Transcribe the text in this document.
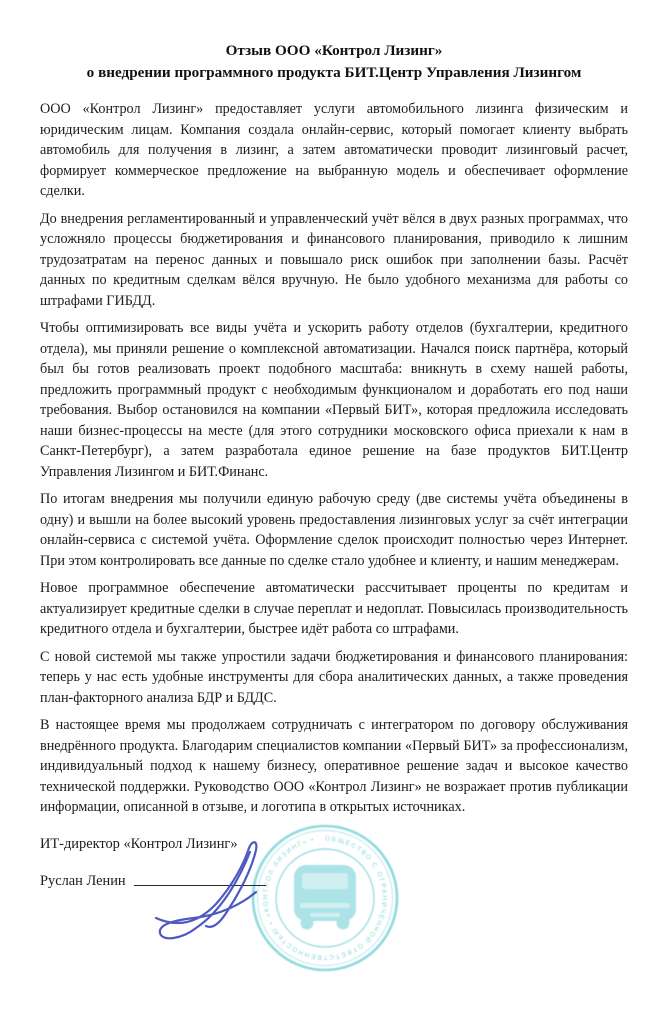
Отзыв ООО «Контрол Лизинг»
о внедрении программного продукта БИТ.Центр Управления Лизингом

ООО «Контрол Лизинг» предоставляет услуги автомобильного лизинга физическим и юридическим лицам. Компания создала онлайн-сервис, который помогает клиенту выбрать автомобиль для получения в лизинг, а затем автоматически проводит лизинговый расчет, формирует коммерческое предложение на выбранную модель и обеспечивает оформление сделки.

До внедрения регламентированный и управленческий учёт вёлся в двух разных программах, что усложняло процессы бюджетирования и финансового планирования, приводило к лишним трудозатратам на перенос данных и повышало риск ошибок при заполнении базы. Расчёт данных по кредитным сделкам вёлся вручную. Не было удобного механизма для работы со штрафами ГИБДД.

Чтобы оптимизировать все виды учёта и ускорить работу отделов (бухгалтерии, кредитного отдела), мы приняли решение о комплексной автоматизации. Начался поиск партнёра, который был бы готов реализовать проект подобного масштаба: вникнуть в схему нашей работы, предложить программный продукт с необходимым функционалом и доработать его под наши требования. Выбор остановился на компании «Первый БИТ», которая предложила исследовать наши бизнес-процессы на месте (для этого сотрудники московского офиса приехали к нам в Санкт-Петербург), а затем разработала единое решение на базе продуктов БИТ.Центр Управления Лизингом и БИТ.Финанс.

По итогам внедрения мы получили единую рабочую среду (две системы учёта объединены в одну) и вышли на более высокий уровень предоставления лизинговых услуг за счёт интеграции онлайн-сервиса с системой учёта. Оформление сделок происходит полностью через Интернет. При этом контролировать все данные по сделке стало удобнее и клиенту, и нашим менеджерам.

Новое программное обеспечение автоматически рассчитывает проценты по кредитам и актуализирует кредитные сделки в случае переплат и недоплат. Повысилась производительность кредитного отдела и бухгалтерии, быстрее идёт работа со штрафами.

С новой системой мы также упростили задачи бюджетирования и финансового планирования: теперь у нас есть удобные инструменты для сбора аналитических данных, а также проведения план-факторного анализа БДР и БДДС.

В настоящее время мы продолжаем сотрудничать с интегратором по договору обслуживания внедрённого продукта. Благодарим специалистов компании «Первый БИТ» за профессионализм, индивидуальный подход к нашему бизнесу, оперативное решение задач и высокое качество технической поддержки. Руководство ООО «Контрол Лизинг» не возражает против публикации информации, описанной в отзыве, и логотипа в открытых источниках.

ИТ-директор «Контрол Лизинг»
Руслан Ленин
ОБЩЕСТВО С ОГРАНИЧЕННОЙ ОТВЕТСТВЕННОСТЬЮ • «КОНТРОЛ ЛИЗИНГ» •
